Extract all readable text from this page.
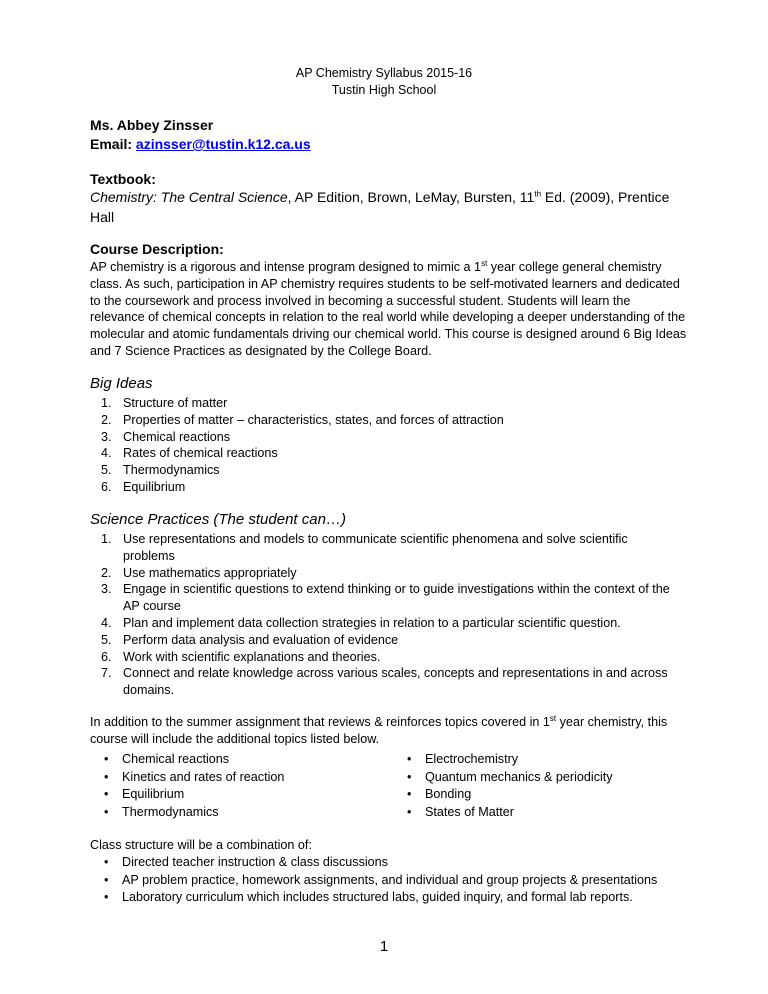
AP Chemistry Syllabus 2015-16
Tustin High School
Ms. Abbey Zinsser
Email: azinsser@tustin.k12.ca.us
Textbook:
Chemistry: The Central Science, AP Edition, Brown, LeMay, Bursten, 11th Ed. (2009), Prentice
Hall
Course Description:
AP chemistry is a rigorous and intense program designed to mimic a 1st year college general chemistry class. As such, participation in AP chemistry requires students to be self-motivated learners and dedicated to the coursework and process involved in becoming a successful student. Students will learn the relevance of chemical concepts in relation to the real world while developing a deeper understanding of the molecular and atomic fundamentals driving our chemical world. This course is designed around 6 Big Ideas and 7 Science Practices as designated by the College Board.
Big Ideas
1. Structure of matter
2. Properties of matter – characteristics, states, and forces of attraction
3. Chemical reactions
4. Rates of chemical reactions
5. Thermodynamics
6. Equilibrium
Science Practices (The student can…)
1. Use representations and models to communicate scientific phenomena and solve scientific problems
2. Use mathematics appropriately
3. Engage in scientific questions to extend thinking or to guide investigations within the context of the AP course
4. Plan and implement data collection strategies in relation to a particular scientific question.
5. Perform data analysis and evaluation of evidence
6. Work with scientific explanations and theories.
7. Connect and relate knowledge across various scales, concepts and representations in and across domains.
In addition to the summer assignment that reviews & reinforces topics covered in 1st year chemistry, this course will include the additional topics listed below.
• Chemical reactions
• Kinetics and rates of reaction
• Equilibrium
• Thermodynamics
• Electrochemistry
• Quantum mechanics & periodicity
• Bonding
• States of Matter
Class structure will be a combination of:
• Directed teacher instruction & class discussions
• AP problem practice, homework assignments, and individual and group projects & presentations
• Laboratory curriculum which includes structured labs, guided inquiry, and formal lab reports.
1
